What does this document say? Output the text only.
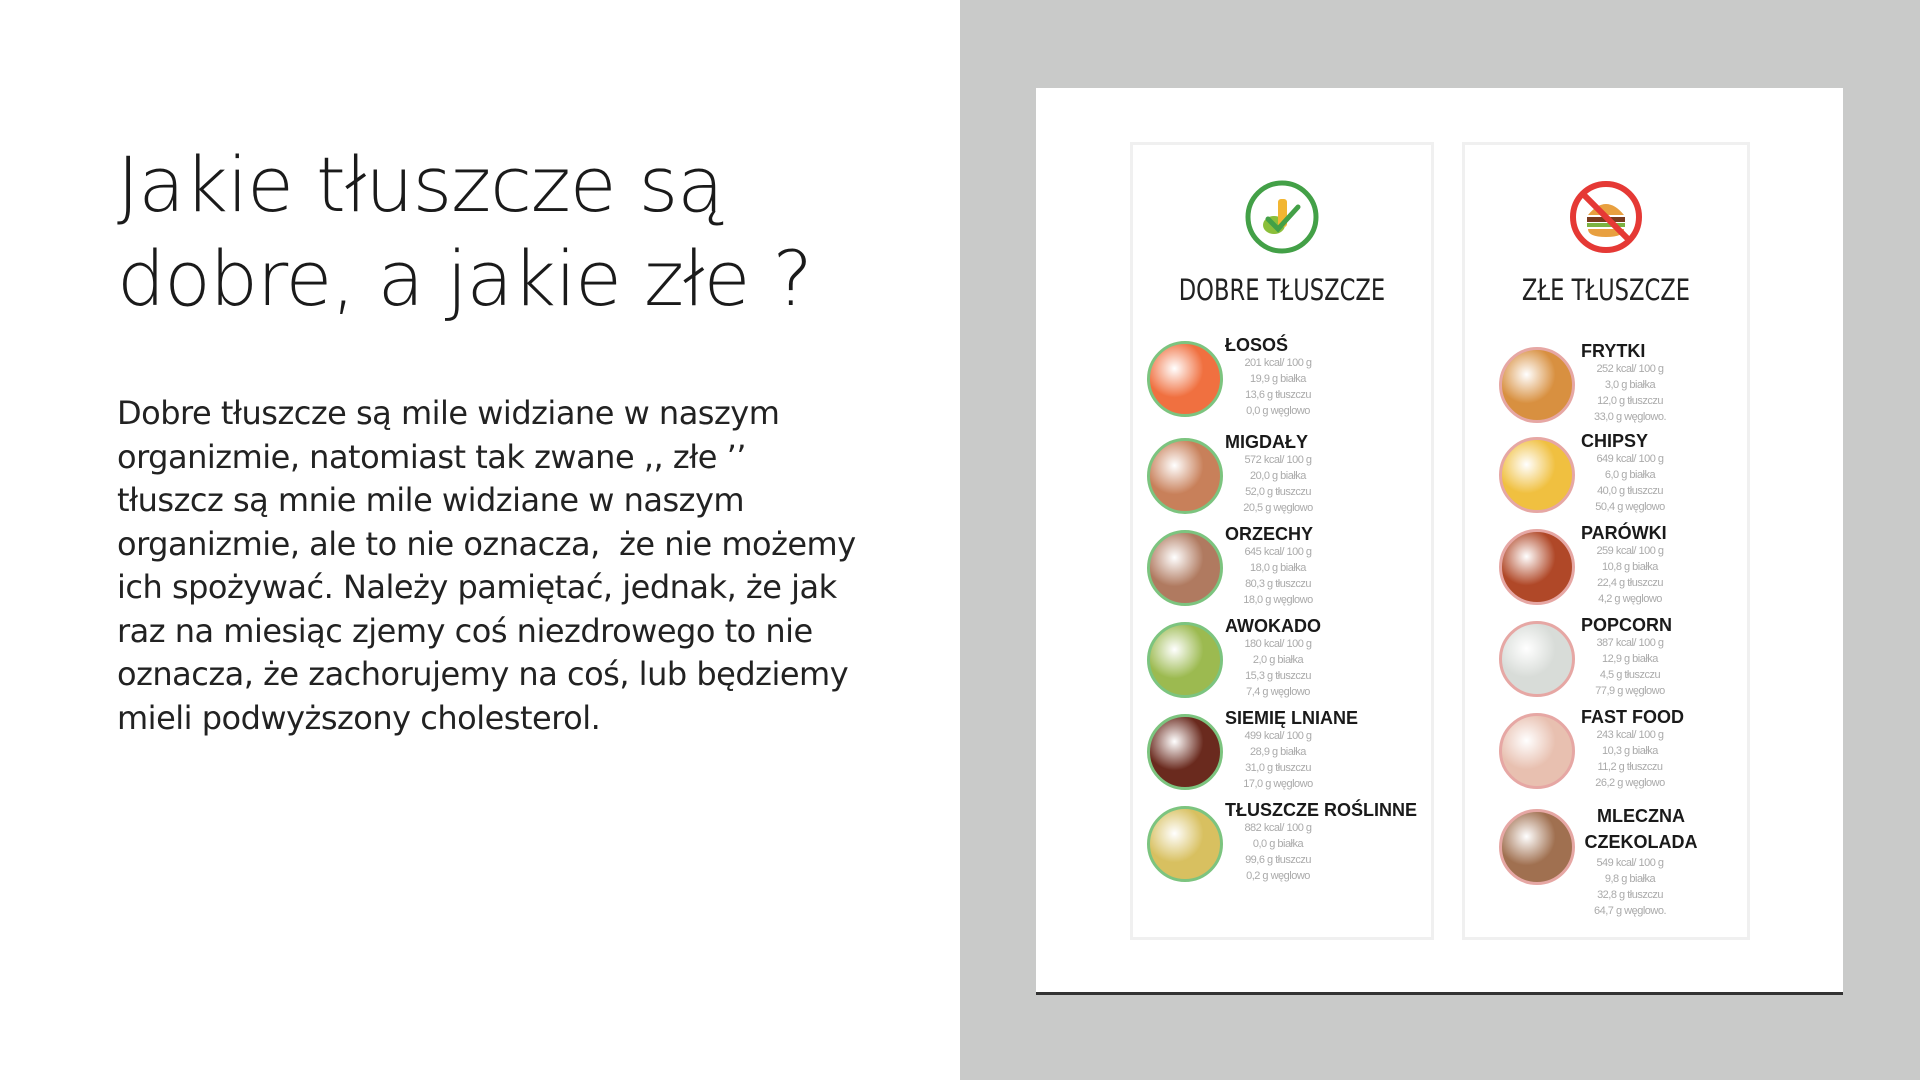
Jakie tłuszcze są dobre, a jakie złe ?
Dobre tłuszcze są mile widziane w naszym
organizmie, natomiast tak zwane ,, złe ’’
tłuszcz są mnie mile widziane w naszym
organizmie, ale to nie oznacza,  że nie możemy
ich spożywać. Należy pamiętać, jednak, że jak
raz na miesiąc zjemy coś niezdrowego to nie
oznacza, że zachorujemy na coś, lub będziemy
mieli podwyższony cholesterol.
DOBRE TŁUSZCZE
ŁOSOŚ
201 kcal/ 100 g
19,9 g białka
13,6 g tłuszczu
0,0 g węglowo
MIGDAŁY
572 kcal/ 100 g
20,0 g białka
52,0 g tłuszczu
20,5 g węglowo
ORZECHY
645 kcal/ 100 g
18,0 g białka
80,3 g tłuszczu
18,0 g węglowo
AWOKADO
180 kcal/ 100 g
2,0 g białka
15,3 g tłuszczu
7,4 g węglowo
SIEMIĘ LNIANE
499 kcal/ 100 g
28,9 g białka
31,0 g tłuszczu
17,0 g węglowo
TŁUSZCZE ROŚLINNE
882 kcal/ 100 g
0,0 g białka
99,6 g tłuszczu
0,2 g węglowo
ZŁE TŁUSZCZE
FRYTKI
252 kcal/ 100 g
3,0 g białka
12,0 g tłuszczu
33,0 g węglowo.
CHIPSY
649 kcal/ 100 g
6,0 g białka
40,0 g tłuszczu
50,4 g węglowo
PARÓWKI
259 kcal/ 100 g
10,8 g białka
22,4 g tłuszczu
4,2 g węglowo
POPCORN
387 kcal/ 100 g
12,9 g białka
4,5 g tłuszczu
77,9 g węglowo
FAST FOOD
243 kcal/ 100 g
10,3 g białka
11,2 g tłuszczu
26,2 g węglowo
MLECZNA CZEKOLADA
549 kcal/ 100 g
9,8 g białka
32,8 g tłuszczu
64,7 g węglowo.
